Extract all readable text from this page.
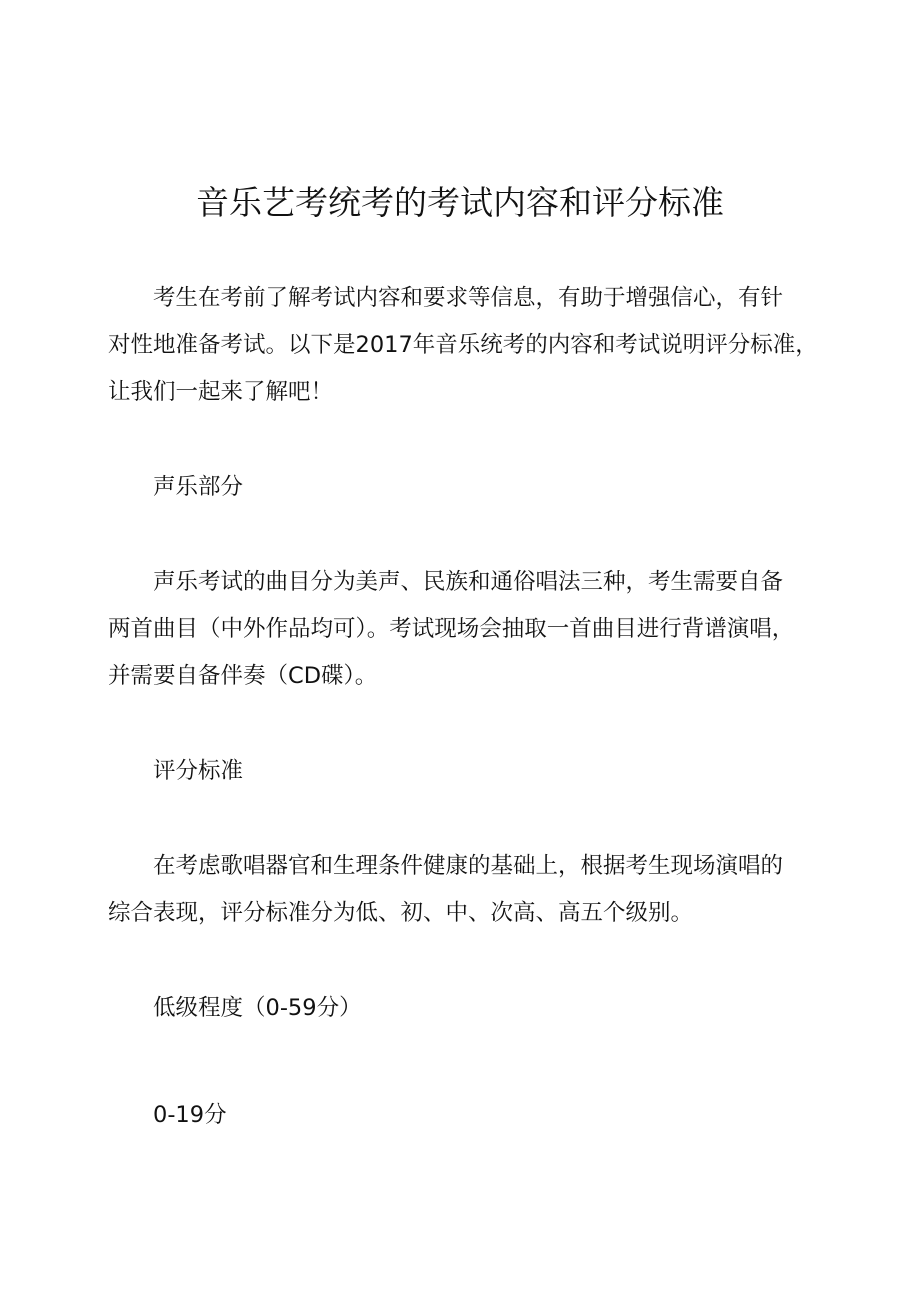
音乐艺考统考的考试内容和评分标准
考生在考前了解考试内容和要求等信息，有助于增强信心，有针
对性地准备考试。以下是2017年音乐统考的内容和考试说明评分标准，
让我们一起来了解吧！
声乐部分
声乐考试的曲目分为美声、民族和通俗唱法三种，考生需要自备
两首曲目（中外作品均可）。考试现场会抽取一首曲目进行背谱演唱，
并需要自备伴奏（CD碟）。
评分标准
在考虑歌唱器官和生理条件健康的基础上，根据考生现场演唱的
综合表现，评分标准分为低、初、中、次高、高五个级别。
低级程度（0-59分）
0-19分
